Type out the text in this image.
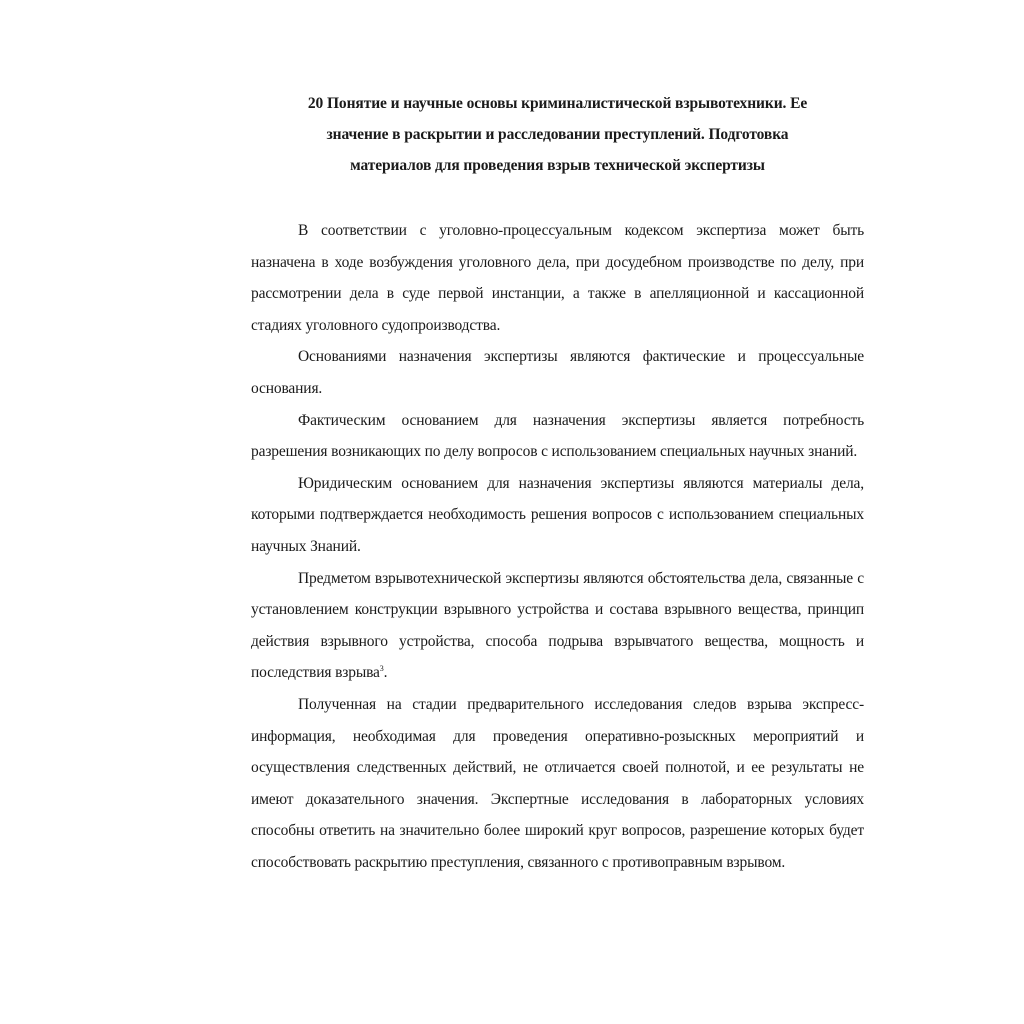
20 Понятие и научные основы криминалистической взрывотехники. Ее
значение в раскрытии и расследовании преступлений. Подготовка
материалов для проведения взрыв технической экспертизы

В соответствии с уголовно-процессуальным кодексом экспертиза может быть назначена в ходе возбуждения уголовного дела, при досудебном производстве по делу, при рассмотрении дела в суде первой инстанции, а также в апелляционной и кассационной стадиях уголовного судопроизводства.

Основаниями назначения экспертизы являются фактические и процессуальные основания.

Фактическим основанием для назначения экспертизы является потребность разрешения возникающих по делу вопросов с использованием специальных научных знаний.

Юридическим основанием для назначения экспертизы являются материалы дела, которыми подтверждается необходимость решения вопросов с использованием специальных научных Знаний.

Предметом взрывотехнической экспертизы являются обстоятельства дела, связанные с установлением конструкции взрывного устройства и состава взрывного вещества, принцип действия взрывного устройства, способа подрыва взрывчатого вещества, мощность и последствия взрыва$^3$.

Полученная на стадии предварительного исследования следов взрыва экспресс-информация, необходимая для проведения оперативно-розыскных мероприятий и осуществления следственных действий, не отличается своей полнотой, и ее результаты не имеют доказательного значения. Экспертные исследования в лабораторных условиях способны ответить на значительно более широкий круг вопросов, разрешение которых будет способствовать раскрытию преступления, связанного с противоправным взрывом.
